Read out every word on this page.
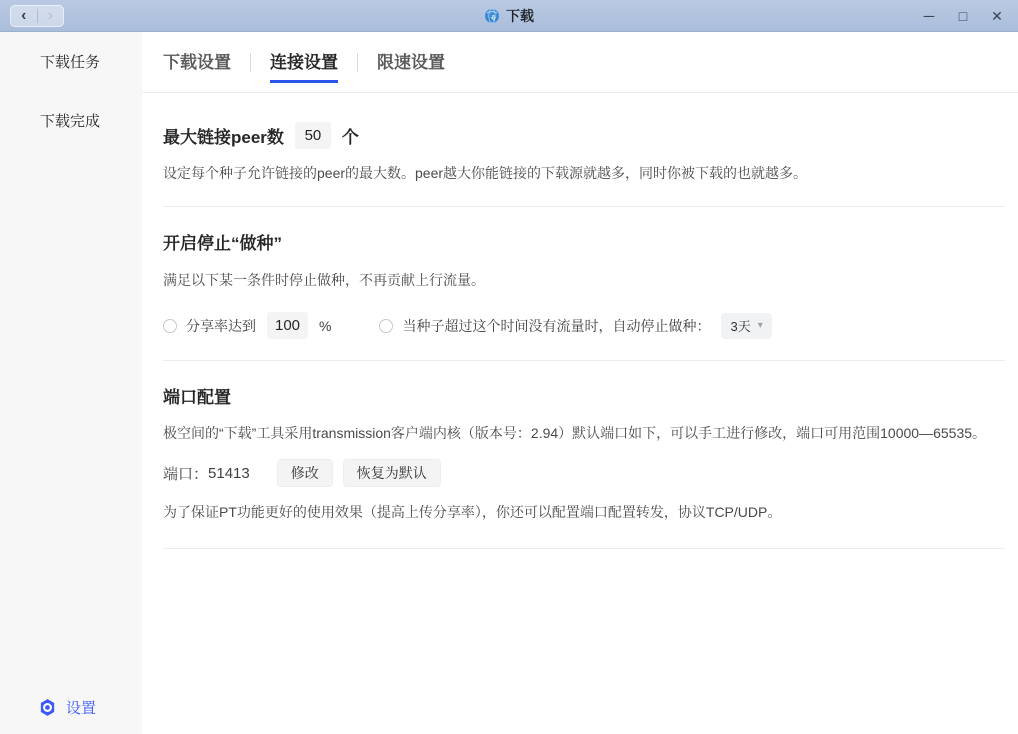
‹	›	下载	─ □ ✕
下载任务
下载完成
设置
下载设置 连接设置 限速设置
最大链接peer数	50	个
设定每个种子允许链接的peer的最大数。peer越大你能链接的下载源就越多，同时你被下载的也就越多。
开启停止“做种”
满足以下某一条件时停止做种，不再贡献上行流量。
分享率达到	100	%	当种子超过这个时间没有流量时，自动停止做种： 3天 ▾
端口配置
极空间的“下载”工具采用transmission客户端内核（版本号：2.94）默认端口如下，可以手工进行修改，端口可用范围10000—65535。
端口： 51413	修改	恢复为默认
为了保证PT功能更好的使用效果（提高上传分享率），你还可以配置端口配置转发，协议TCP/UDP。
